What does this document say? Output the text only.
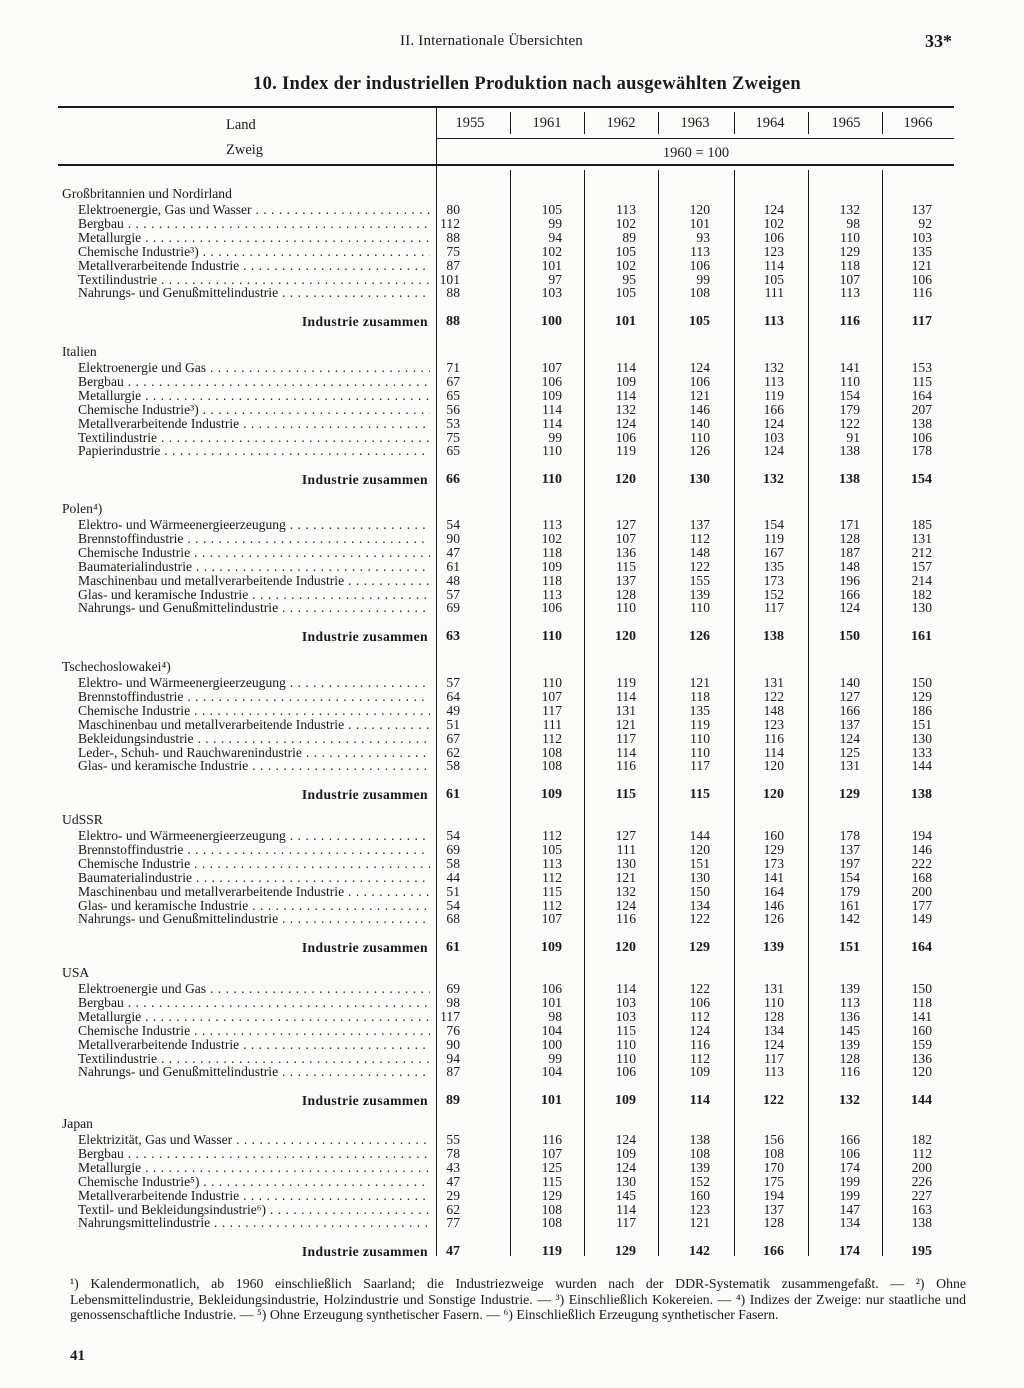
II. Internationale Übersichten	33*
10. Index der industriellen Produktion nach ausgewählten Zweigen
Land
Zweig
1955	1961	1962	1963	1964	1965	1966
1960 = 100
Großbritannien und Nordirland
Elektroenergie, Gas und Wasser . . .	80	105	113	120	124	132	137
Bergbau . . .	112	99	102	101	102	98	92
Metallurgie . . .	88	94	89	93	106	110	103
Chemische Industrie³) . . .	75	102	105	113	123	129	135
Metallverarbeitende Industrie . . .	87	101	102	106	114	118	121
Textilindustrie . . .	101	97	95	99	105	107	106
Nahrungs- und Genußmittelindustrie . . .	88	103	105	108	111	113	116
Industrie zusammen	88	100	101	105	113	116	117
Italien
Elektroenergie und Gas . . .	71	107	114	124	132	141	153
Bergbau . . .	67	106	109	106	113	110	115
Metallurgie . . .	65	109	114	121	119	154	164
Chemische Industrie³) . . .	56	114	132	146	166	179	207
Metallverarbeitende Industrie . . .	53	114	124	140	124	122	138
Textilindustrie . . .	75	99	106	110	103	91	106
Papierindustrie . . .	65	110	119	126	124	138	178
Industrie zusammen	66	110	120	130	132	138	154
Polen⁴)
Elektro- und Wärmeenergieerzeugung . . .	54	113	127	137	154	171	185
Brennstoffindustrie . . .	90	102	107	112	119	128	131
Chemische Industrie . . .	47	118	136	148	167	187	212
Baumaterialindustrie . . .	61	109	115	122	135	148	157
Maschinenbau und metallverarbeitende Industrie . . .	48	118	137	155	173	196	214
Glas- und keramische Industrie . . .	57	113	128	139	152	166	182
Nahrungs- und Genußmittelindustrie . . .	69	106	110	110	117	124	130
Industrie zusammen	63	110	120	126	138	150	161
Tschechoslowakei⁴)
Elektro- und Wärmeenergieerzeugung . . .	57	110	119	121	131	140	150
Brennstoffindustrie . . .	64	107	114	118	122	127	129
Chemische Industrie . . .	49	117	131	135	148	166	186
Maschinenbau und metallverarbeitende Industrie . . .	51	111	121	119	123	137	151
Bekleidungsindustrie . . .	67	112	117	110	116	124	130
Leder-, Schuh- und Rauchwarenindustrie . . .	62	108	114	110	114	125	133
Glas- und keramische Industrie . . .	58	108	116	117	120	131	144
Industrie zusammen	61	109	115	115	120	129	138
UdSSR
Elektro- und Wärmeenergieerzeugung . . .	54	112	127	144	160	178	194
Brennstoffindustrie . . .	69	105	111	120	129	137	146
Chemische Industrie . . .	58	113	130	151	173	197	222
Baumaterialindustrie . . .	44	112	121	130	141	154	168
Maschinenbau und metallverarbeitende Industrie . . .	51	115	132	150	164	179	200
Glas- und keramische Industrie . . .	54	112	124	134	146	161	177
Nahrungs- und Genußmittelindustrie . . .	68	107	116	122	126	142	149
Industrie zusammen	61	109	120	129	139	151	164
USA
Elektroenergie und Gas . . .	69	106	114	122	131	139	150
Bergbau . . .	98	101	103	106	110	113	118
Metallurgie . . .	117	98	103	112	128	136	141
Chemische Industrie . . .	76	104	115	124	134	145	160
Metallverarbeitende Industrie . . .	90	100	110	116	124	139	159
Textilindustrie . . .	94	99	110	112	117	128	136
Nahrungs- und Genußmittelindustrie . . .	87	104	106	109	113	116	120
Industrie zusammen	89	101	109	114	122	132	144
Japan
Elektrizität, Gas und Wasser . . .	55	116	124	138	156	166	182
Bergbau . . .	78	107	109	108	108	106	112
Metallurgie . . .	43	125	124	139	170	174	200
Chemische Industrie⁵) . . .	47	115	130	152	175	199	226
Metallverarbeitende Industrie . . .	29	129	145	160	194	199	227
Textil- und Bekleidungsindustrie⁶) . . .	62	108	114	123	137	147	163
Nahrungsmittelindustrie . . .	77	108	117	121	128	134	138
Industrie zusammen	47	119	129	142	166	174	195

¹) Kalendermonatlich, ab 1960 einschließlich Saarland; die Industriezweige wurden nach der DDR-Systematik zusammengefaßt. — ²) Ohne Lebensmittelindustrie, Bekleidungsindustrie, Holzindustrie und Sonstige Industrie. — ³) Einschließlich Kokereien. — ⁴) Indizes der Zweige: nur staatliche und genossenschaftliche Industrie. — ⁵) Ohne Erzeugung synthetischer Fasern. — ⁶) Einschließlich Erzeugung synthetischer Fasern.

41
